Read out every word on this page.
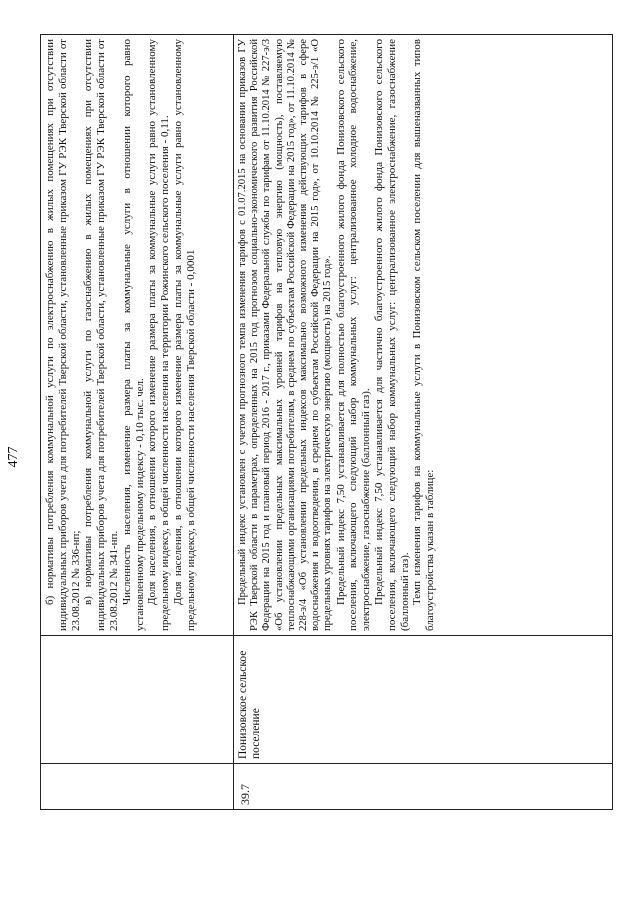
477

		б) нормативы потребления коммунальной услуги по электроснабжению в жилых помещениях при отсутствии индивидуальных приборов учета для потребителей Тверской области, установленные приказом ГУ РЭК Тверской области от 23.08.2012 № 336-нп; в) нормативы потребления коммунальной услуги по газоснабжению в жилых помещениях при отсутствии индивидуальных приборов учета для потребителей Тверской области, установленные приказом ГУ РЭК Тверской области от 23.08.2012 № 341-нп. Численность населения, изменение размера платы за коммунальные услуги в отношении которого равно установленному предельному индексу - 0,10 тыс. чел. Доля населения, в отношении которого изменение размера платы за коммунальные услуги равно установленному предельному индексу, в общей численности населения на территории Рожинского сельского поселения - 0,11. Доля населения, в отношении которого изменение размера платы за коммунальные услуги равно установленному предельному индексу, в общей численности населения Тверской области - 0,0001

39.7	Понизовское сельское поселение	Предельный индекс установлен с учетом прогнозного темпа изменения тарифов с 01.07.2015 на основании приказов ГУ РЭК Тверской области в параметрах, определенных на 2015 год прогнозом социально-экономического развития Российской Федерации на 2015 год и плановый период 2016 - 2017 г., приказами Федеральной службы по тарифам от 11.10.2014 № 227-э/3 «Об установлении предельных максимальных уровней тарифов на тепловую энергию (мощность), поставляемую теплоснабжающими организациями потребителям, в среднем по субъектам Российской Федерации на 2015 год», от 11.10.2014 № 228-э/4 «Об установлении предельных индексов максимально возможного изменения действующих тарифов в сфере водоснабжения и водоотведения, в среднем по субъектам Российской Федерации на 2015 год», от 10.10.2014 № 225-э/1 «О предельных уровнях тарифов на электрическую энергию (мощность) на 2015 год». Предельный индекс 7,50 устанавливается для полностью благоустроенного жилого фонда Понизовского сельского поселения, включающего следующий набор коммунальных услуг: централизованное холодное водоснабжение, электроснабжение, газоснабжение (баллонный газ). Предельный индекс 7,50 устанавливается для частично благоустроенного жилого фонда Понизовского сельского поселения, включающего следующий набор коммунальных услуг: централизованное электроснабжение, газоснабжение (баллонный газ). Темп изменения тарифов на коммунальные услуги в Понизовском сельском поселении для вышеназванных типов благоустройства указан в таблице:
